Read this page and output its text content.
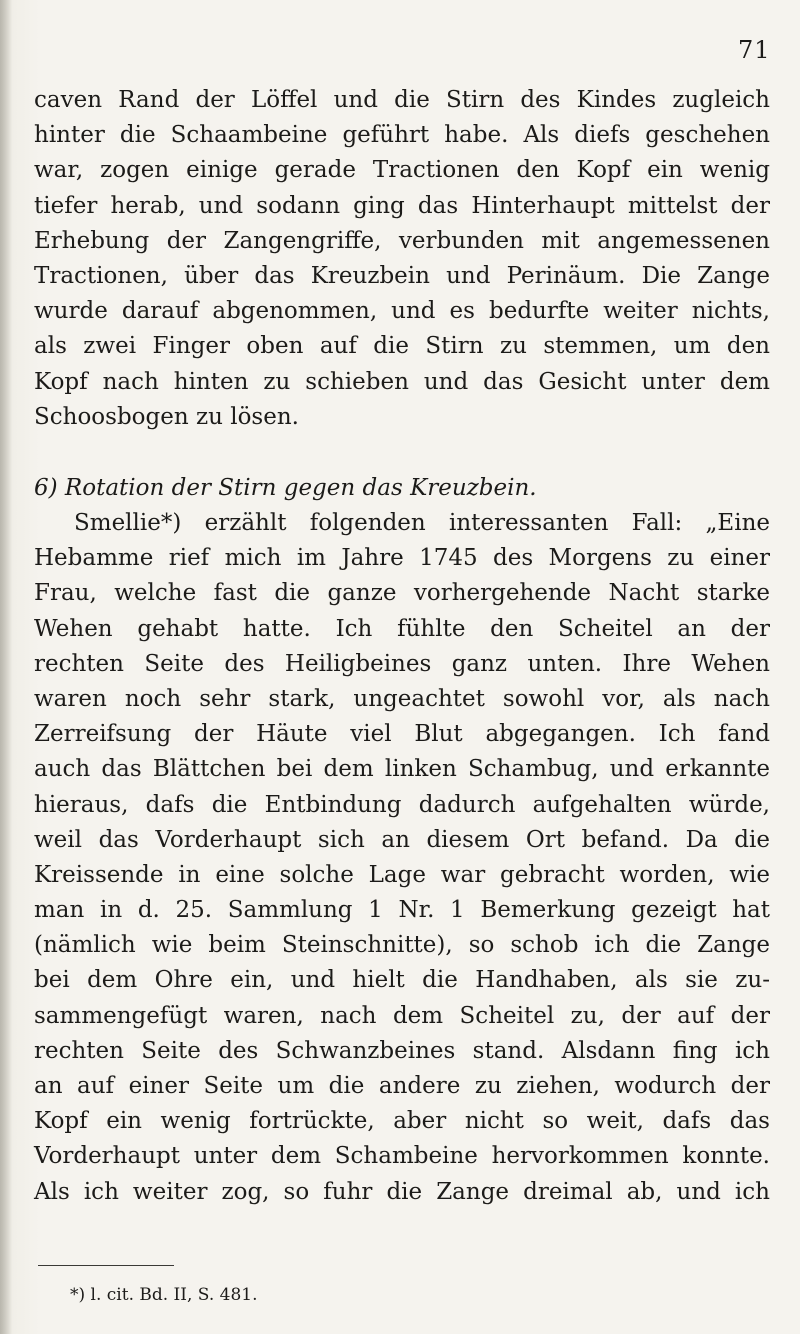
71
caven Rand der Löffel und die Stirn des Kindes zugleich
hinter die Schaambeine geführt habe. Als diefs geschehen
war, zogen einige gerade Tractionen den Kopf ein wenig
tiefer herab, und sodann ging das Hinterhaupt mittelst der
Erhebung der Zangengriffe, verbunden mit angemessenen
Tractionen, über das Kreuzbein und Perinäum. Die Zange
wurde darauf abgenommen, und es bedurfte weiter nichts,
als zwei Finger oben auf die Stirn zu stemmen, um den
Kopf nach hinten zu schieben und das Gesicht unter dem
Schoosbogen zu lösen.
6) Rotation der Stirn gegen das Kreuzbein.
Smellie*) erzählt folgenden interessanten Fall: „Eine
Hebamme rief mich im Jahre 1745 des Morgens zu einer
Frau, welche fast die ganze vorhergehende Nacht starke
Wehen gehabt hatte. Ich fühlte den Scheitel an der
rechten Seite des Heiligbeines ganz unten. Ihre Wehen
waren noch sehr stark, ungeachtet sowohl vor, als nach
Zerreifsung der Häute viel Blut abgegangen. Ich fand
auch das Blättchen bei dem linken Schambug, und erkannte
hieraus, dafs die Entbindung dadurch aufgehalten würde,
weil das Vorderhaupt sich an diesem Ort befand. Da die
Kreissende in eine solche Lage war gebracht worden, wie
man in d. 25. Sammlung 1 Nr. 1 Bemerkung gezeigt hat
(nämlich wie beim Steinschnitte), so schob ich die Zange
bei dem Ohre ein, und hielt die Handhaben, als sie zu-
sammengefügt waren, nach dem Scheitel zu, der auf der
rechten Seite des Schwanzbeines stand. Alsdann fing ich
an auf einer Seite um die andere zu ziehen, wodurch der
Kopf ein wenig fortrückte, aber nicht so weit, dafs das
Vorderhaupt unter dem Schambeine hervorkommen konnte.
Als ich weiter zog, so fuhr die Zange dreimal ab, und ich
*) l. cit. Bd. II, S. 481.
